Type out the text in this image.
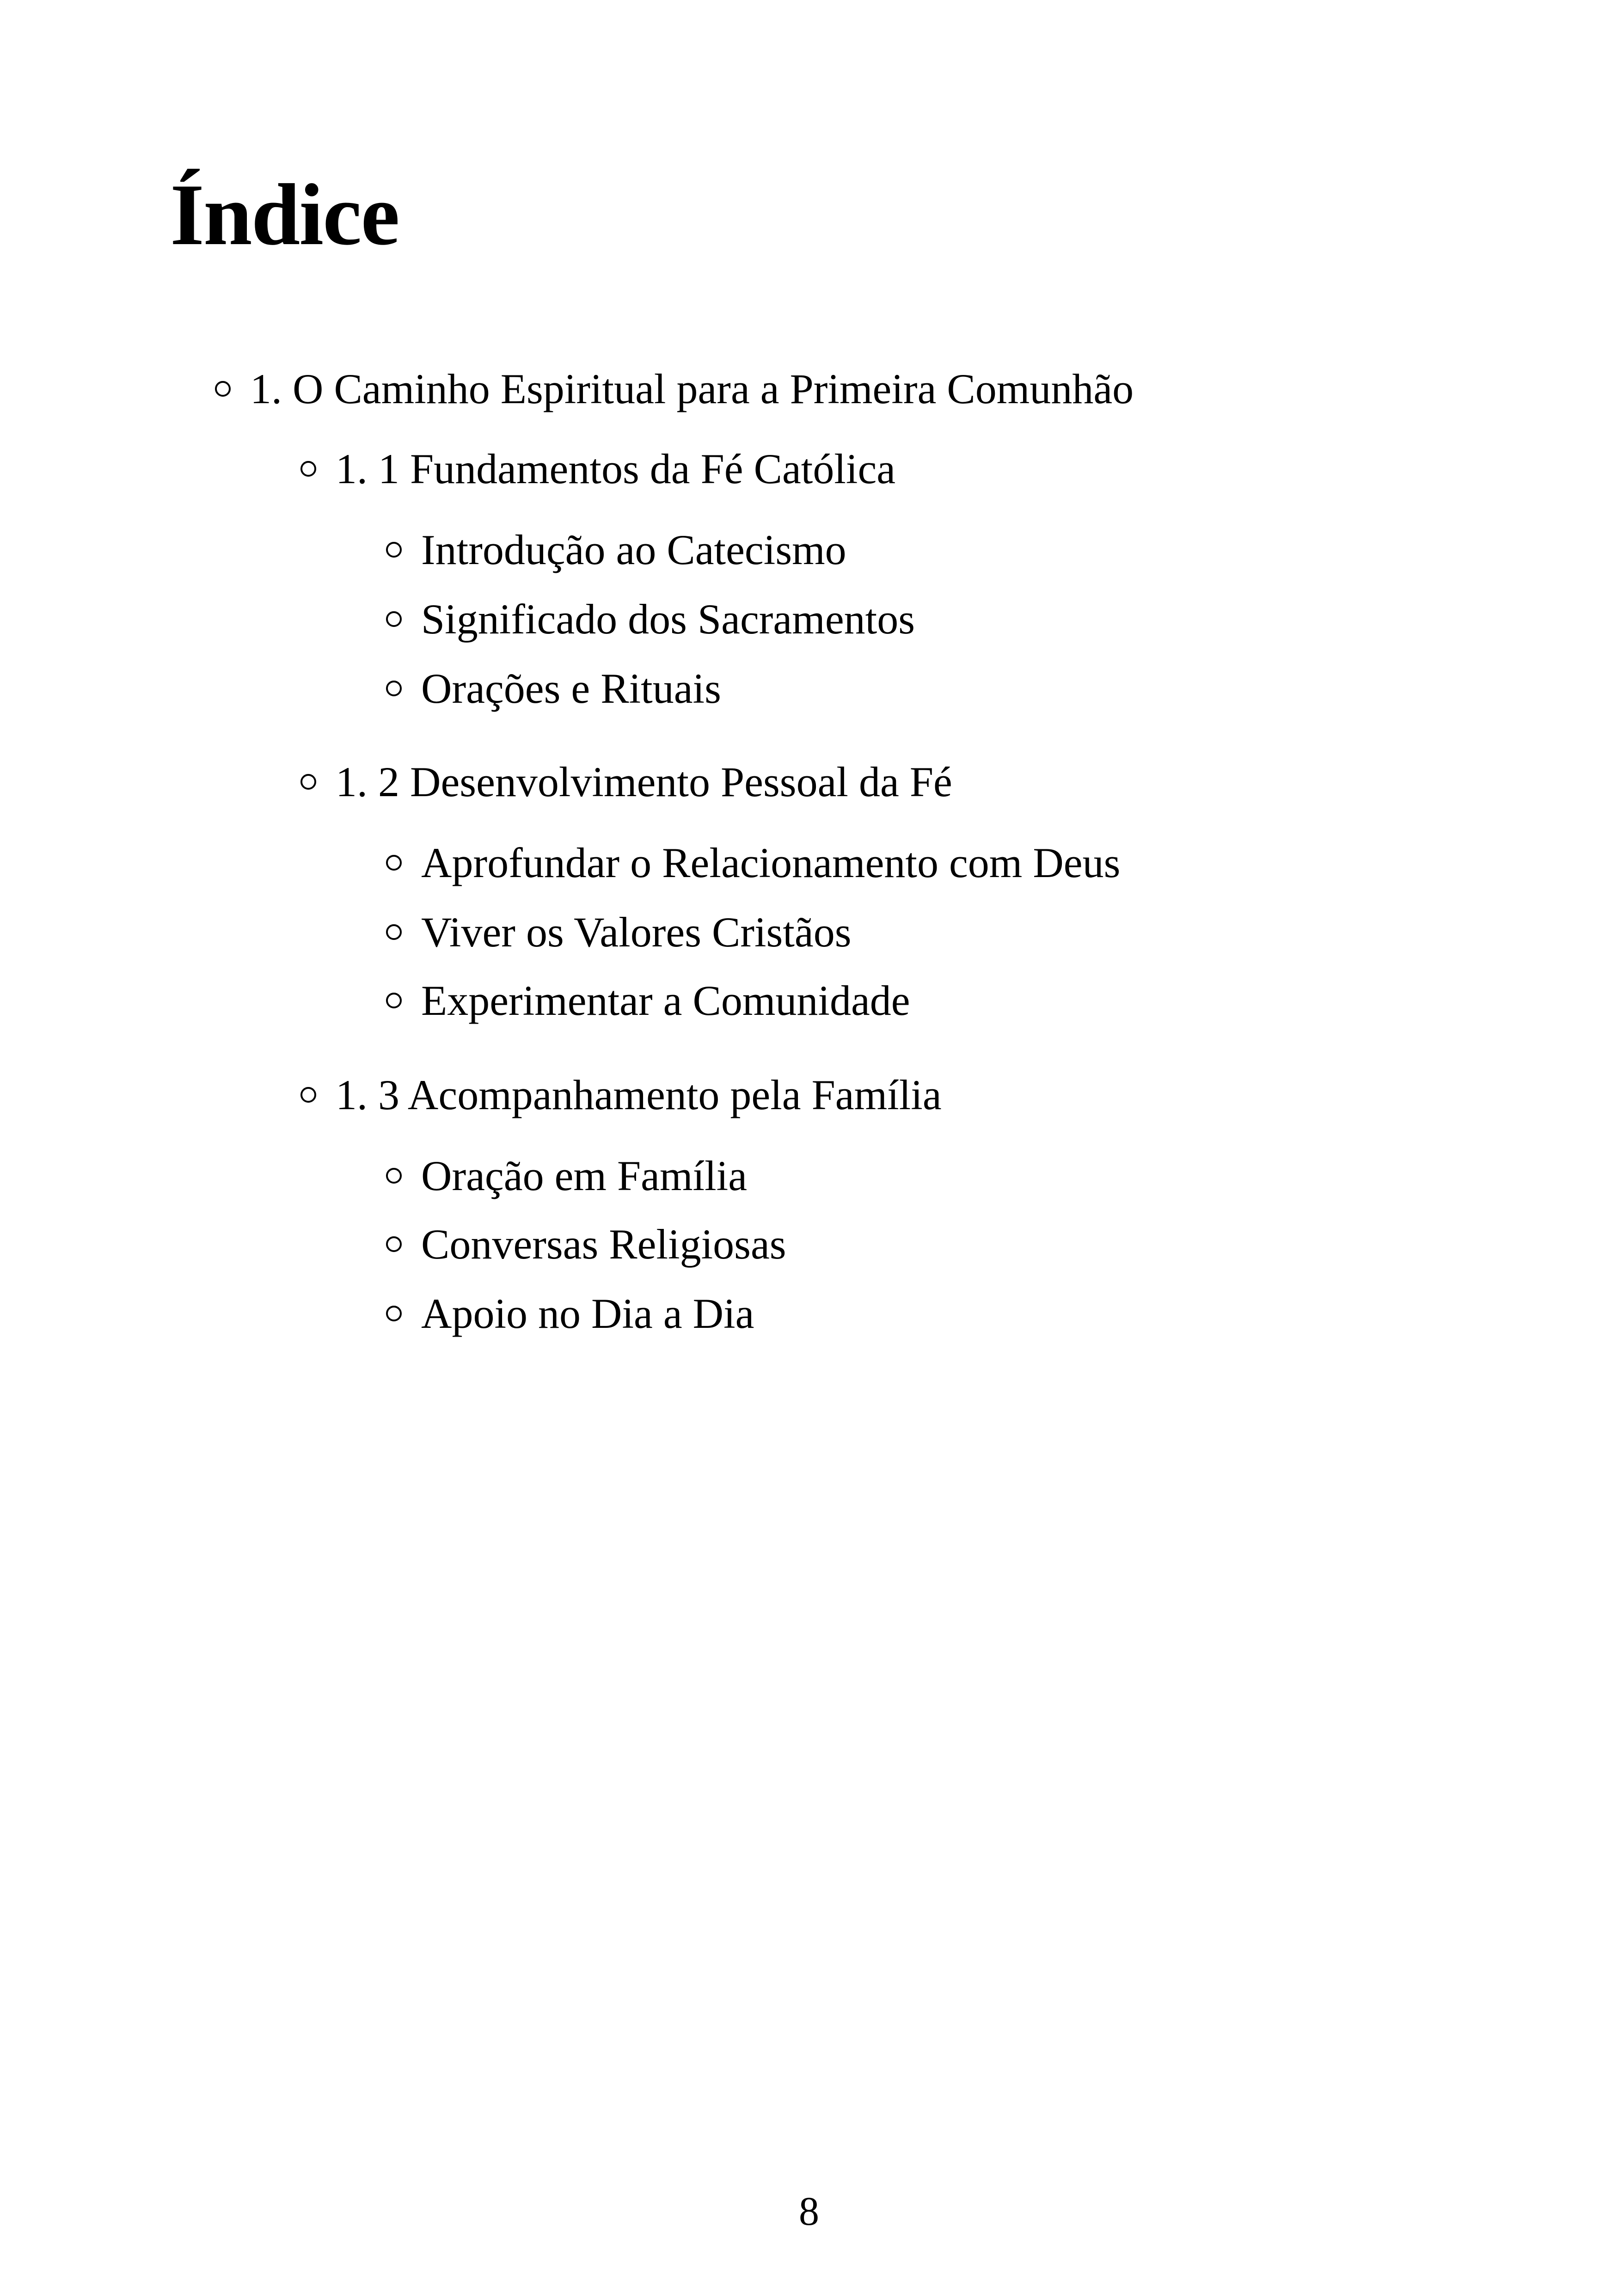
Índice
1. O Caminho Espiritual para a Primeira Comunhão
1. 1 Fundamentos da Fé Católica
Introdução ao Catecismo
Significado dos Sacramentos
Orações e Rituais
1. 2 Desenvolvimento Pessoal da Fé
Aprofundar o Relacionamento com Deus
Viver os Valores Cristãos
Experimentar a Comunidade
1. 3 Acompanhamento pela Família
Oração em Família
Conversas Religiosas
Apoio no Dia a Dia
8
